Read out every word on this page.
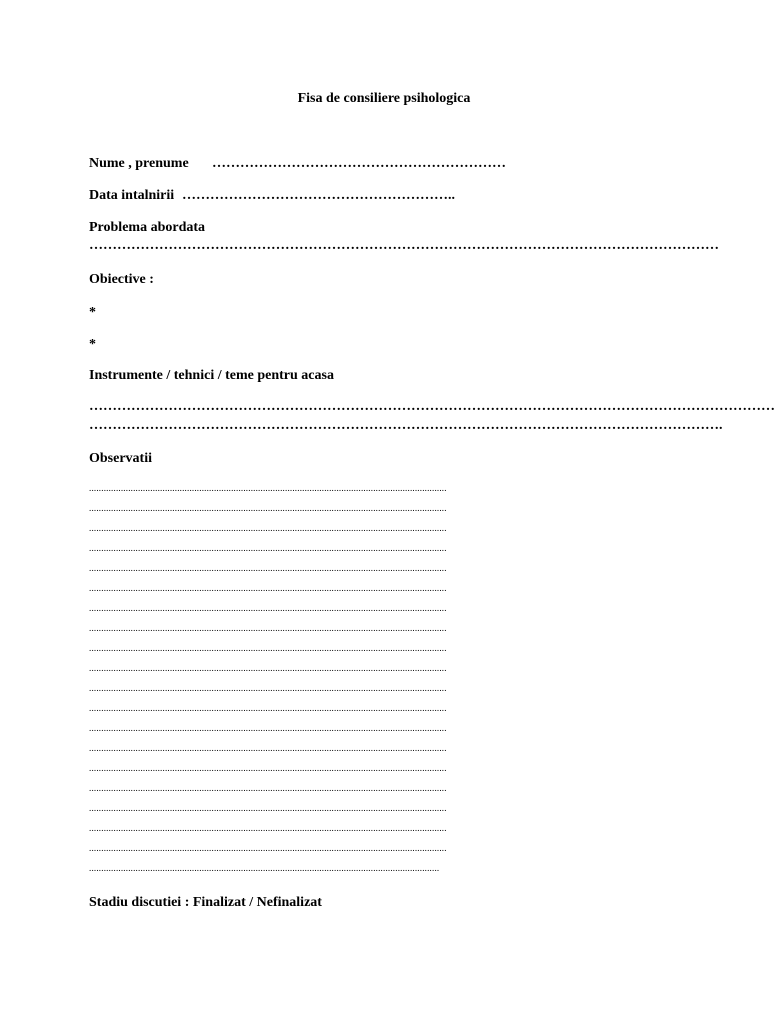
Fisa de consiliere psihologica
Nume , prenume ………………………………………………………
Data intalnirii …………………………………………………..
Problema abordata
………………………………………………………………………………………………………………………
Obiective :
*
*
Instrumente / tehnici / teme pentru acasa
…………………………………………………………………………………………………………………………………
……………………………………………………………………………………………………………………….
Observatii
..................................................................................................................................................
..................................................................................................................................................
..................................................................................................................................................
..................................................................................................................................................
..................................................................................................................................................
..................................................................................................................................................
..................................................................................................................................................
..................................................................................................................................................
..................................................................................................................................................
..................................................................................................................................................
..................................................................................................................................................
..................................................................................................................................................
..................................................................................................................................................
..................................................................................................................................................
..................................................................................................................................................
..................................................................................................................................................
..................................................................................................................................................
..................................................................................................................................................
..................................................................................................................................................
...............................................................................................................................................
Stadiu discutiei : Finalizat / Nefinalizat
